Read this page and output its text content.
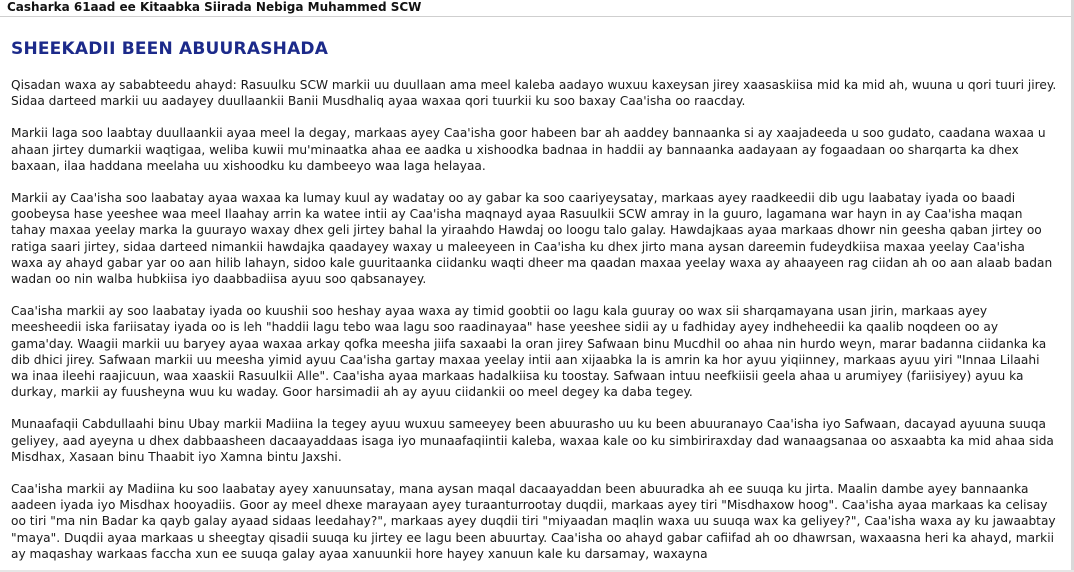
Casharka 61aad ee Kitaabka Siirada Nebiga Muhammed SCW
SHEEKADII BEEN ABUURASHADA

Qisadan waxa ay sababteedu ahayd: Rasuulku SCW markii uu duullaan ama meel kaleba aadayo wuxuu kaxeysan jirey xaasaskiisa mid ka mid ah, wuuna u qori tuuri jirey. Sidaa darteed markii uu aadayey duullaankii Banii Musdhaliq ayaa waxaa qori tuurkii ku soo baxay Caa'isha oo raacday.

Markii laga soo laabtay duullaankii ayaa meel la degay, markaas ayey Caa'isha goor habeen bar ah aaddey bannaanka si ay xaajadeeda u soo gudato, caadana waxaa u ahaan jirtey dumarkii waqtigaa, weliba kuwii mu'minaatka ahaa ee aadka u xishoodka badnaa in haddii ay bannaanka aadayaan ay fogaadaan oo sharqarta ka dhex baxaan, ilaa haddana meelaha uu xishoodku ku dambeeyo waa laga helayaa.

Markii ay Caa'isha soo laabatay ayaa waxaa ka lumay kuul ay wadatay oo ay gabar ka soo caariyeysatay, markaas ayey raadkeedii dib ugu laabatay iyada oo baadi goobeysa hase yeeshee waa meel Ilaahay arrin ka watee intii ay Caa'isha maqnayd ayaa Rasuulkii SCW amray in la guuro, lagamana war hayn in ay Caa'isha maqan tahay maxaa yeelay marka la guurayo waxay dhex geli jirtey bahal la yiraahdo Hawdaj oo loogu talo galay. Hawdajkaas ayaa markaas dhowr nin geesha qaban jirtey oo ratiga saari jirtey, sidaa darteed nimankii hawdajka qaadayey waxay u maleeyeen in Caa'isha ku dhex jirto mana aysan dareemin fudeydkiisa maxaa yeelay Caa'isha waxa ay ahayd gabar yar oo aan hilib lahayn, sidoo kale guuritaanka ciidanku waqti dheer ma qaadan maxaa yeelay waxa ay ahaayeen rag ciidan ah oo aan alaab badan wadan oo nin walba hubkiisa iyo daabbadiisa ayuu soo qabsanayey.

Caa'isha markii ay soo laabatay iyada oo kuushii soo heshay ayaa waxa ay timid goobtii oo lagu kala guuray oo wax sii sharqamayana usan jirin, markaas ayey meesheedii iska fariisatay iyada oo is leh "haddii lagu tebo waa lagu soo raadinayaa" hase yeeshee sidii ay u fadhiday ayey indheheedii ka qaalib noqdeen oo ay gama'day. Waagii markii uu baryey ayaa waxaa arkay qofka meesha jiifa saxaabi la oran jirey Safwaan binu Mucdhil oo ahaa nin hurdo weyn, marar badanna ciidanka ka dib dhici jirey. Safwaan markii uu meesha yimid ayuu Caa'isha gartay maxaa yeelay intii aan xijaabka la is amrin ka hor ayuu yiqiinney, markaas ayuu yiri "Innaa Lilaahi wa inaa ileehi raajicuun, waa xaaskii Rasuulkii Alle". Caa'isha ayaa markaas hadalkiisa ku toostay. Safwaan intuu neefkiisii geela ahaa u arumiyey (fariisiyey) ayuu ka durkay, markii ay fuusheyna wuu ku waday. Goor harsimadii ah ay ayuu ciidankii oo meel degey ka daba tegey.

Munaafaqii Cabdullaahi binu Ubay markii Madiina la tegey ayuu wuxuu sameeyey been abuurasho uu ku been abuuranayo Caa'isha iyo Safwaan, dacayad ayuuna suuqa geliyey, aad ayeyna u dhex dabbaasheen dacaayaddaas isaga iyo munaafaqiintii kaleba, waxaa kale oo ku simbiriraxday dad wanaagsanaa oo asxaabta ka mid ahaa sida Misdhax, Xasaan binu Thaabit iyo Xamna bintu Jaxshi.

Caa'isha markii ay Madiina ku soo laabatay ayey xanuunsatay, mana aysan maqal dacaayaddan been abuuradka ah ee suuqa ku jirta. Maalin dambe ayey bannaanka aadeen iyada iyo Misdhax hooyadiis. Goor ay meel dhexe marayaan ayey turaanturrootay duqdii, markaas ayey tiri "Misdhaxow hoog". Caa'isha ayaa markaas ka celisay oo tiri "ma nin Badar ka qayb galay ayaad sidaas leedahay?", markaas ayey duqdii tiri "miyaadan maqlin waxa uu suuqa wax ka geliyey?", Caa'isha waxa ay ku jawaabtay "maya". Duqdii ayaa markaas u sheegtay qisadii suuqa ku jirtey ee lagu been abuurtay. Caa'isha oo ahayd gabar cafiifad ah oo dhawrsan, waxaasna heri ka ahayd, markii ay maqashay warkaas faccha xun ee suuqa galay ayaa xanuunkii hore hayey xanuun kale ku darsamay, waxayna
